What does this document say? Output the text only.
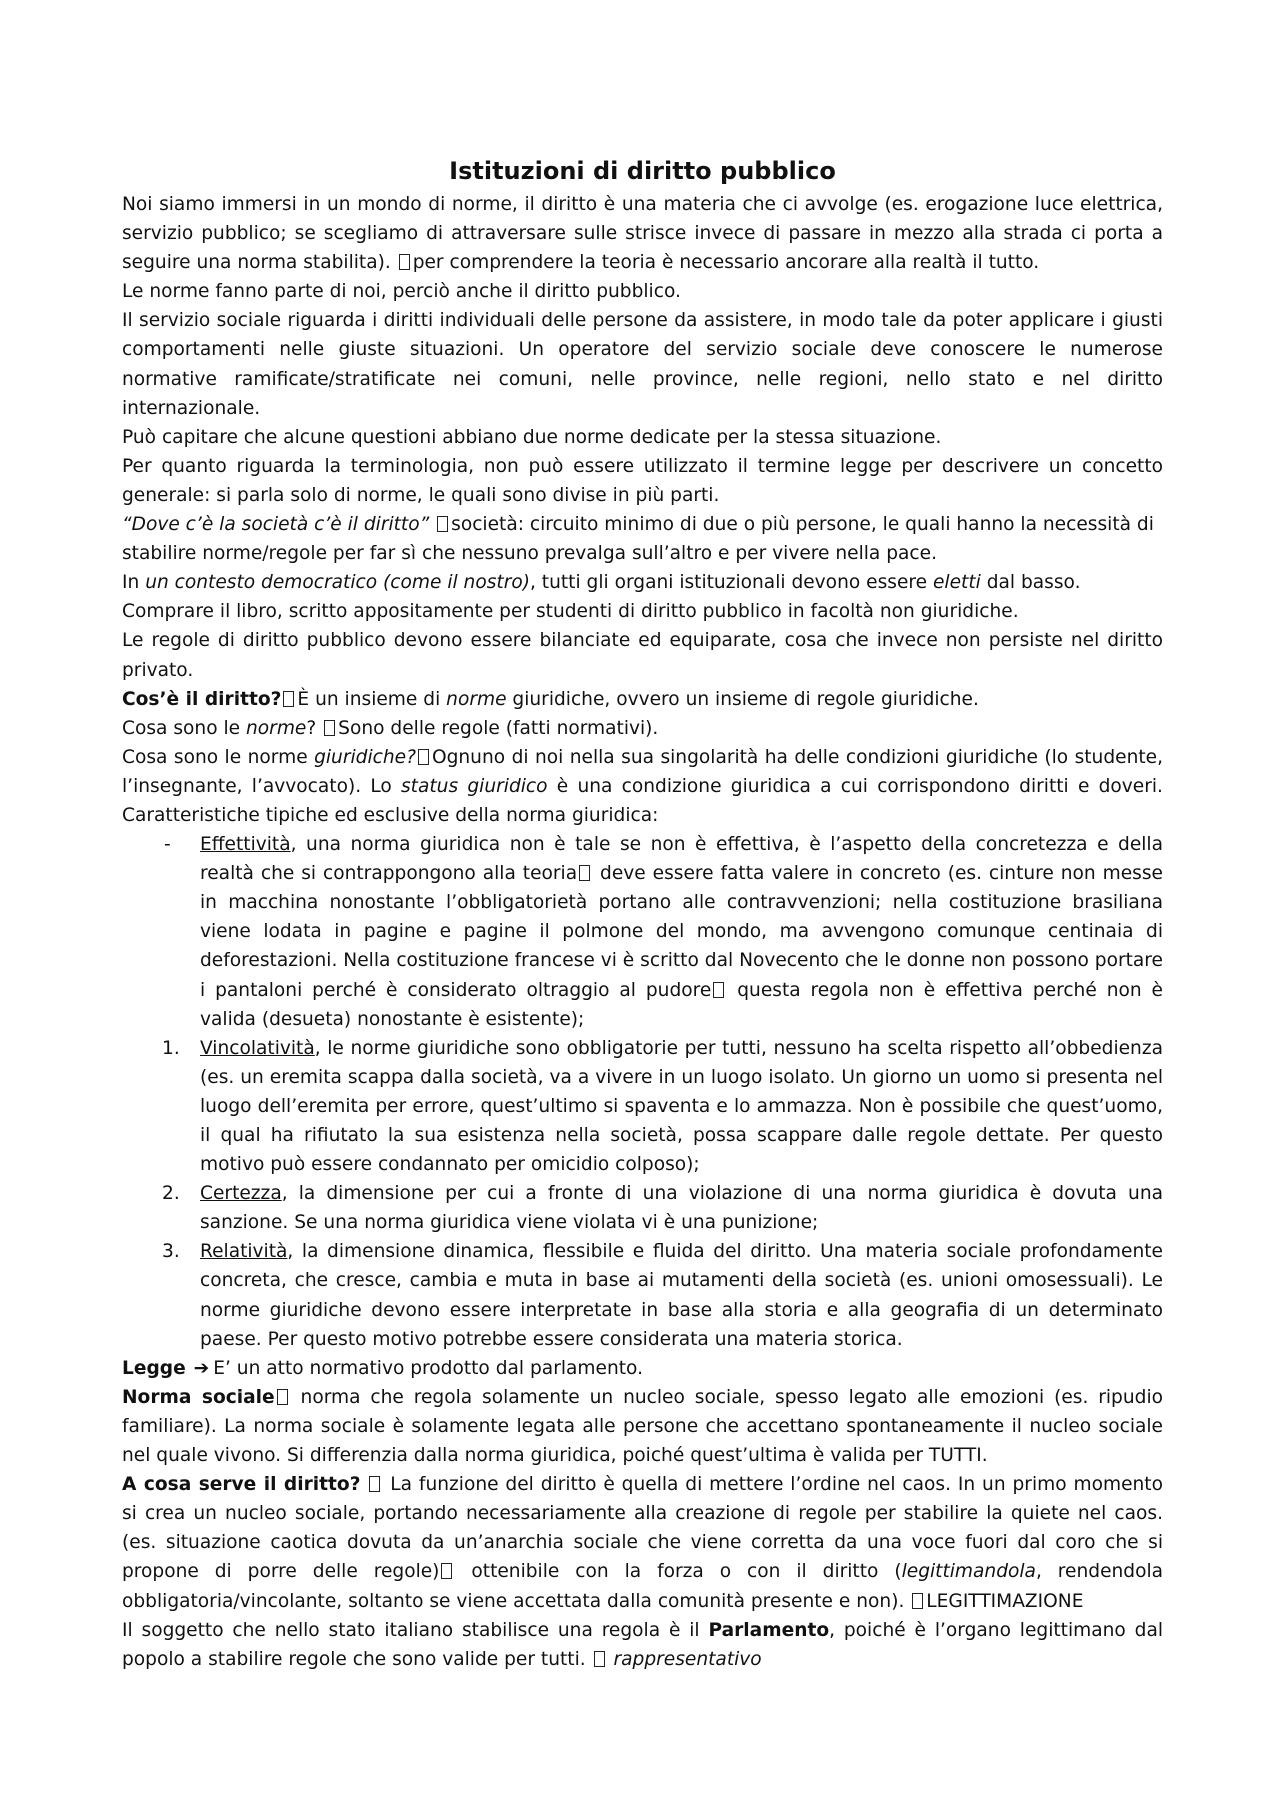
Istituzioni di diritto pubblico

Noi siamo immersi in un mondo di norme, il diritto è una materia che ci avvolge (es. erogazione luce elettrica, servizio pubblico; se scegliamo di attraversare sulle strisce invece di passare in mezzo alla strada ci porta a seguire una norma stabilita). per comprendere la teoria è necessario ancorare alla realtà il tutto.

Le norme fanno parte di noi, perciò anche il diritto pubblico.

Il servizio sociale riguarda i diritti individuali delle persone da assistere, in modo tale da poter applicare i giusti comportamenti nelle giuste situazioni. Un operatore del servizio sociale deve conoscere le numerose normative ramificate/stratificate nei comuni, nelle province, nelle regioni, nello stato e nel diritto internazionale.

Può capitare che alcune questioni abbiano due norme dedicate per la stessa situazione.

Per quanto riguarda la terminologia, non può essere utilizzato il termine legge per descrivere un concetto generale: si parla solo di norme, le quali sono divise in più parti.

“Dove c’è la società c’è il diritto” società: circuito minimo di due o più persone, le quali hanno la necessità di stabilire norme/regole per far sì che nessuno prevalga sull’altro e per vivere nella pace.

In un contesto democratico (come il nostro), tutti gli organi istituzionali devono essere eletti dal basso.

Comprare il libro, scritto appositamente per studenti di diritto pubblico in facoltà non giuridiche.

Le regole di diritto pubblico devono essere bilanciate ed equiparate, cosa che invece non persiste nel diritto privato.

Cos’è il diritto? È un insieme di norme giuridiche, ovvero un insieme di regole giuridiche.

Cosa sono le norme? Sono delle regole (fatti normativi).

Cosa sono le norme giuridiche? Ognuno di noi nella sua singolarità ha delle condizioni giuridiche (lo studente, l’insegnante, l’avvocato). Lo status giuridico è una condizione giuridica a cui corrispondono diritti e doveri. Caratteristiche tipiche ed esclusive della norma giuridica:

- Effettività, una norma giuridica non è tale se non è effettiva, è l’aspetto della concretezza e della realtà che si contrappongono alla teoria deve essere fatta valere in concreto (es. cinture non messe in macchina nonostante l’obbligatorietà portano alle contravvenzioni; nella costituzione brasiliana viene lodata in pagine e pagine il polmone del mondo, ma avvengono comunque centinaia di deforestazioni. Nella costituzione francese vi è scritto dal Novecento che le donne non possono portare i pantaloni perché è considerato oltraggio al pudore questa regola non è effettiva perché non è valida (desueta) nonostante è esistente);
1. Vincolatività, le norme giuridiche sono obbligatorie per tutti, nessuno ha scelta rispetto all’obbedienza (es. un eremita scappa dalla società, va a vivere in un luogo isolato. Un giorno un uomo si presenta nel luogo dell’eremita per errore, quest’ultimo si spaventa e lo ammazza. Non è possibile che quest’uomo, il qual ha rifiutato la sua esistenza nella società, possa scappare dalle regole dettate. Per questo motivo può essere condannato per omicidio colposo);
2. Certezza, la dimensione per cui a fronte di una violazione di una norma giuridica è dovuta una sanzione. Se una norma giuridica viene violata vi è una punizione;
3. Relatività, la dimensione dinamica, flessibile e fluida del diritto. Una materia sociale profondamente concreta, che cresce, cambia e muta in base ai mutamenti della società (es. unioni omosessuali). Le norme giuridiche devono essere interpretate in base alla storia e alla geografia di un determinato paese. Per questo motivo potrebbe essere considerata una materia storica.

Legge ➔ E’ un atto normativo prodotto dal parlamento.

Norma sociale norma che regola solamente un nucleo sociale, spesso legato alle emozioni (es. ripudio familiare). La norma sociale è solamente legata alle persone che accettano spontaneamente il nucleo sociale nel quale vivono. Si differenzia dalla norma giuridica, poiché quest’ultima è valida per TUTTI.

A cosa serve il diritto? La funzione del diritto è quella di mettere l’ordine nel caos. In un primo momento si crea un nucleo sociale, portando necessariamente alla creazione di regole per stabilire la quiete nel caos. (es. situazione caotica dovuta da un’anarchia sociale che viene corretta da una voce fuori dal coro che si propone di porre delle regole) ottenibile con la forza o con il diritto (legittimandola, rendendola obbligatoria/vincolante, soltanto se viene accettata dalla comunità presente e non). LEGITTIMAZIONE

Il soggetto che nello stato italiano stabilisce una regola è il Parlamento, poiché è l’organo legittimano dal popolo a stabilire regole che sono valide per tutti. rappresentativo
